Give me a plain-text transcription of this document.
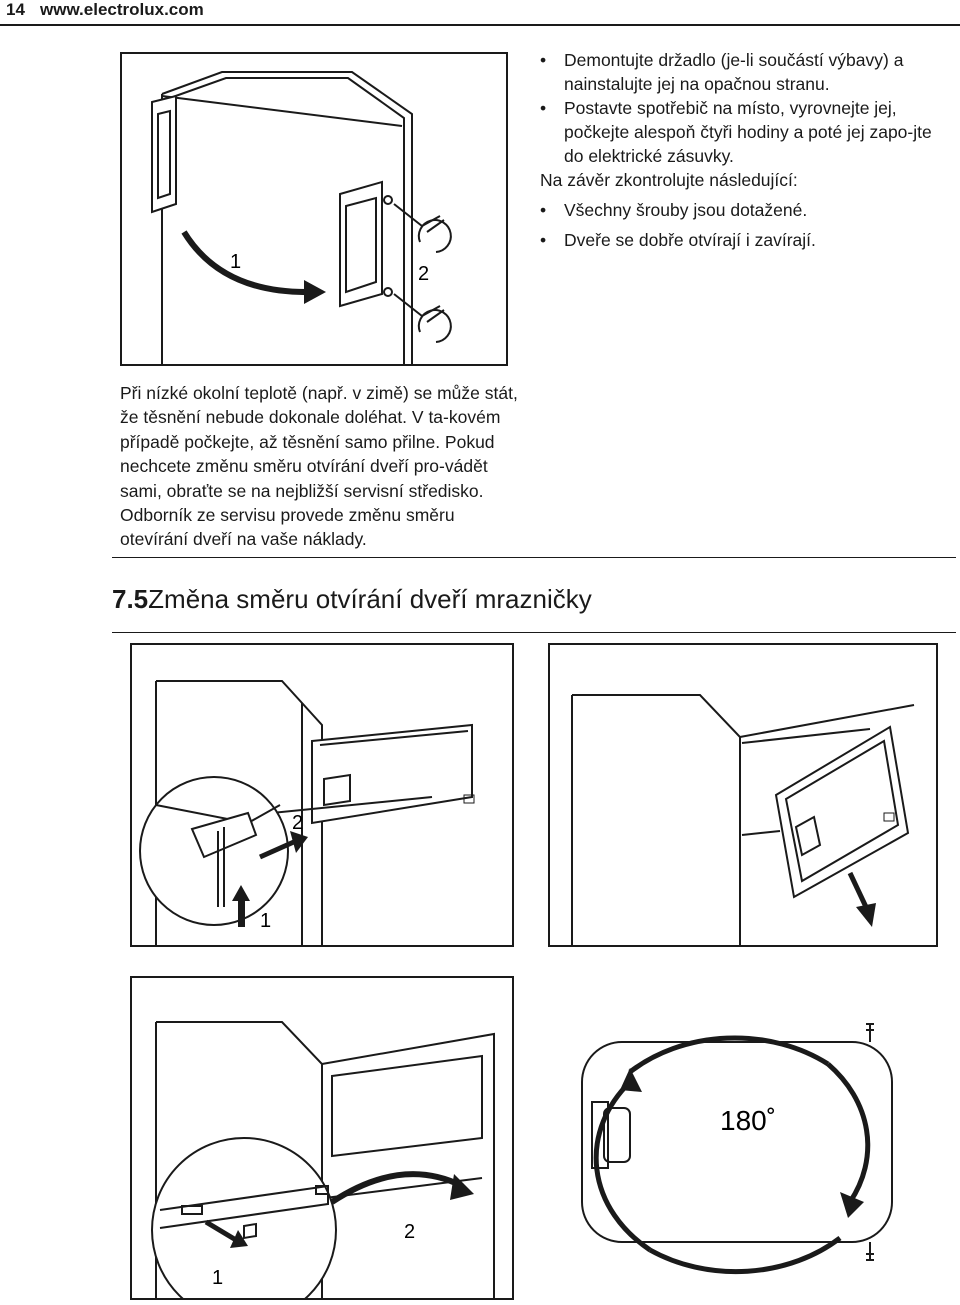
14 www.electrolux.com
1
2

• Demontujte držadlo (je-li součástí výbavy) a nainstalujte jej na opačnou stranu.

• Postavte spotřebič na místo, vyrovnejte jej, počkejte alespoň čtyři hodiny a poté jej zapo-jte do elektrické zásuvky.

Na závěr zkontrolujte následující:

• Všechny šrouby jsou dotažené.

• Dveře se dobře otvírají i zavírají.

Při nízké okolní teplotě (např. v zimě) se může stát, že těsnění nebude dokonale doléhat. V ta-kovém případě počkejte, až těsnění samo přilne. Pokud nechcete změnu směru otvírání dveří pro-vádět sami, obraťte se na nejbližší servisní středisko. Odborník ze servisu provede změnu směru otevírání dveří na vaše náklady.
7.5Změna směru otvírání dveří mrazničky
1
2
1
2
180˚
